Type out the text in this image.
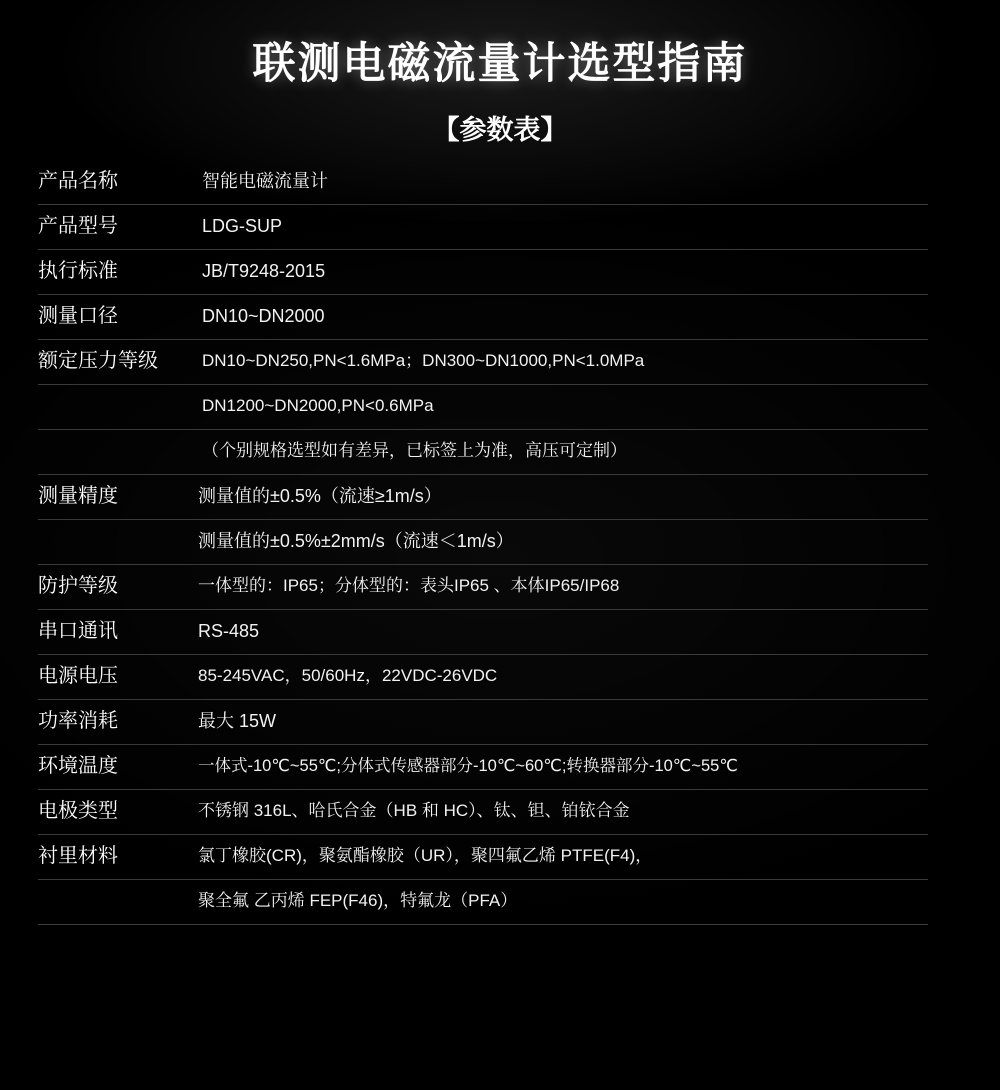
联测电磁流量计选型指南
【参数表】
产品名称	智能电磁流量计
产品型号	LDG-SUP
执行标准	JB/T9248-2015
测量口径	DN10~DN2000
额定压力等级	DN10~DN250,PN<1.6MPa；DN300~DN1000,PN<1.0MPa
DN1200~DN2000,PN<0.6MPa
（个别规格选型如有差异，已标签上为准，高压可定制）
测量精度	测量值的±0.5%（流速≥1m/s）
测量值的±0.5%±2mm/s（流速＜1m/s）
防护等级	一体型的：IP65；分体型的：表头IP65 、本体IP65/IP68
串口通讯	RS-485
电源电压	85-245VAC，50/60Hz，22VDC-26VDC
功率消耗	最大 15W
环境温度	一体式-10℃~55℃;分体式传感器部分-10℃~60℃;转换器部分-10℃~55℃
电极类型	不锈钢 316L、哈氏合金（HB 和 HC）、钛、钽、铂铱合金
衬里材料	氯丁橡胶(CR)，聚氨酯橡胶（UR），聚四氟乙烯 PTFE(F4)，
聚全氟 乙丙烯 FEP(F46)，特氟龙（PFA）
